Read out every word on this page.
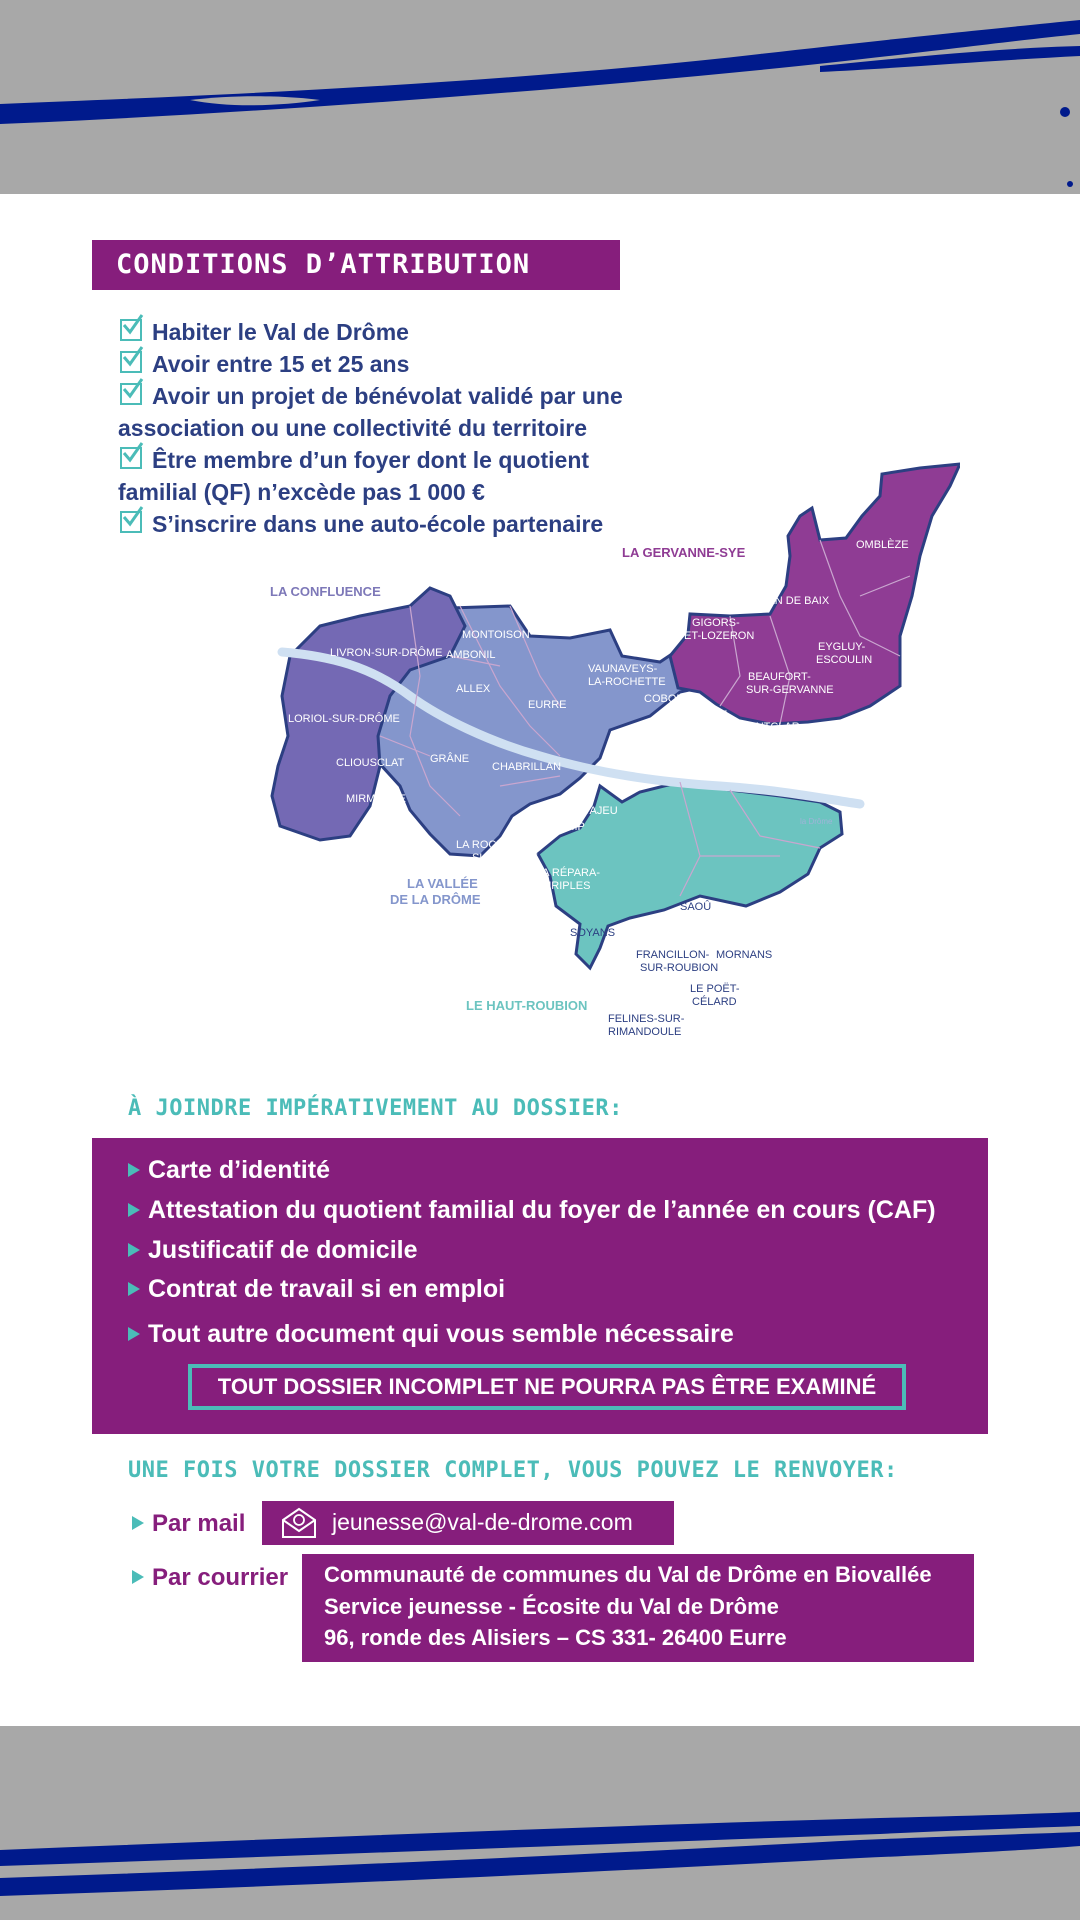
CONDITIONS D’ATTRIBUTION
Habiter le Val de Drôme
Avoir entre 15 et 25 ans
Avoir un projet de bénévolat validé par une
association ou une collectivité du territoire
Être membre d’un foyer dont le quotient
familial (QF) n’excède pas 1 000 €
S’inscrire dans une auto-école partenaire
LA CONFLUENCE
LA GERVANNE-SYE
LA VALLÉE
DE LA DRÔME
LE HAUT-ROUBION
LIVRON-SUR-DRÔME
MONTOISON
AMBONIL
ALLEX
LORIOL-SUR-DRÔME
CLIOUSCLAT
MIRMANDE
GRÂNE
EURRE
CHABRILLAN
VAUNAVEYS-
LA-ROCHETTE
COBONNE
GIGORS-
ET-LOZERON
PLAN DE BAIX
OMBLÈZE
EYGLUY-
ESCOULIN
BEAUFORT-
SUR-GERVANNE
SUZE
MONTCLAR-
SUR-GERVANNE
DIVAJEU
AUTICHAMP
LA ROCHE-
SUR-GRÂNE
LA RÉPARA-
AURIPLES
SAOÛ
SOYANS
FRANCILLON-
SUR-ROUBION
MORNANS
LE POËT-
CÉLARD
FELINES-SUR-
RIMANDOULE
la Drôme
À JOINDRE IMPÉRATIVEMENT AU DOSSIER:
Carte d’identité
Attestation du quotient familial du foyer de l’année en cours (CAF)
Justificatif de domicile
Contrat de travail si en emploi
Tout autre document qui vous semble nécessaire
TOUT DOSSIER INCOMPLET NE POURRA PAS ÊTRE EXAMINÉ
UNE FOIS VOTRE DOSSIER COMPLET, VOUS POUVEZ LE RENVOYER:
Par mail	jeunesse@val-de-drome.com
Par courrier Communauté de communes du Val de Drôme en Biovallée
Service jeunesse - Écosite du Val de Drôme
96, ronde des Alisiers – CS 331- 26400 Eurre
